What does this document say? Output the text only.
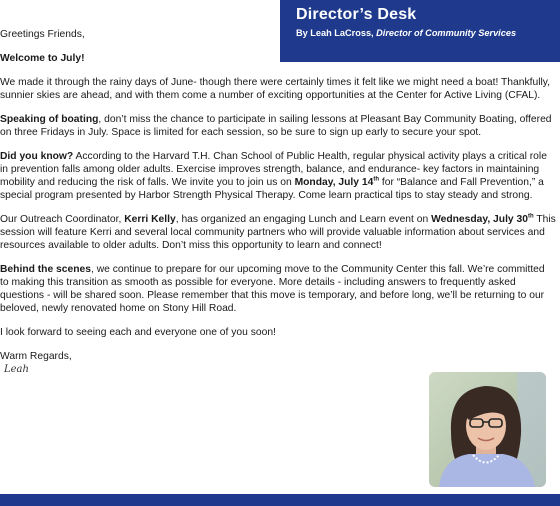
Director’s Desk
By Leah LaCross, Director of Community Services

Greetings Friends,

Welcome to July!

We made it through the rainy days of June- though there were certainly times it felt like we might need a boat! Thankfully, sunnier skies are ahead, and with them come a number of exciting opportunities at the Center for Active Living (CFAL).

Speaking of boating, don’t miss the chance to participate in sailing lessons at Pleasant Bay Community Boating, offered on three Fridays in July. Space is limited for each session, so be sure to sign up early to secure your spot.

Did you know? According to the Harvard T.H. Chan School of Public Health, regular physical activity plays a critical role in prevention falls among older adults. Exercise improves strength, balance, and endurance- key factors in maintaining mobility and reducing the risk of falls. We invite you to join us on Monday, July 14th for “Balance and Fall Prevention,” a special program presented by Harbor Strength Physical Therapy. Come learn practical tips to stay steady and strong.

Our Outreach Coordinator, Kerri Kelly, has organized an engaging Lunch and Learn event on Wednesday, July 30th This session will feature Kerri and several local community partners who will provide valuable information about services and resources available to older adults. Don’t miss this opportunity to learn and connect!

Behind the scenes, we continue to prepare for our upcoming move to the Community Center this fall. We’re committed to making this transition as smooth as possible for everyone. More details - including answers to frequently asked questions - will be shared soon. Please remember that this move is temporary, and before long, we’ll be returning to our beloved, newly renovated home on Stony Hill Road.

I look forward to seeing each and everyone one of you soon!

Warm Regards,

Leah
